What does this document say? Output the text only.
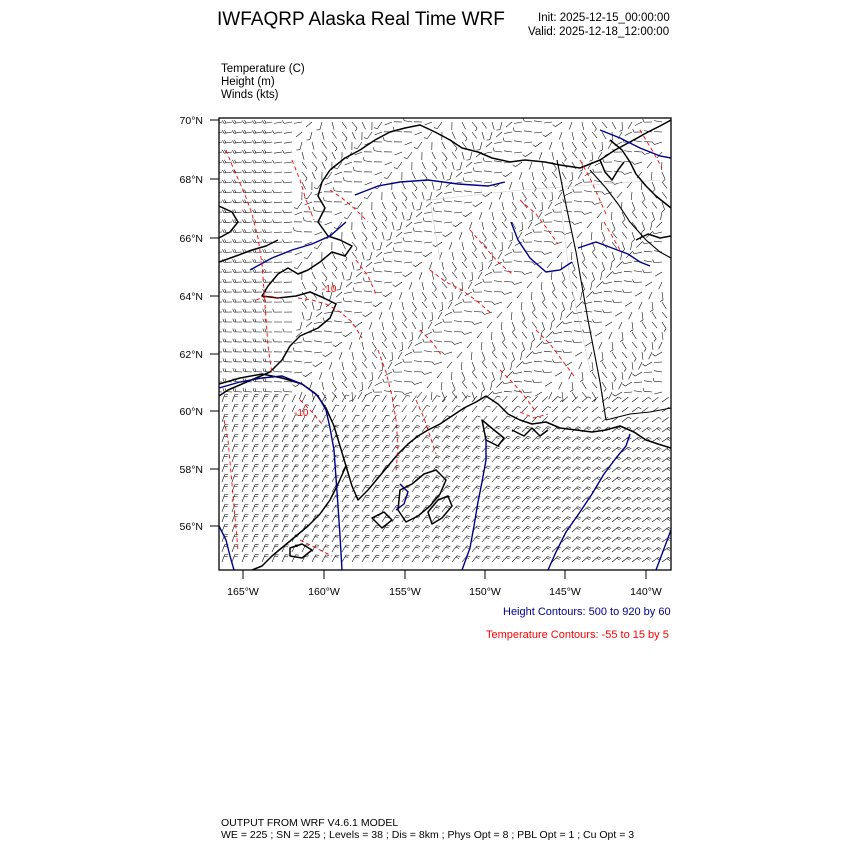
IWFAQRP Alaska Real Time WRF	Init: 2025-12-15_00:00:00
Valid: 2025-12-18_12:00:00
Temperature (C)
Height (m)
Winds (kts)
-10
-10
70°N
68°N
66°N
64°N
62°N
60°N
58°N
56°N
165°W	160°W	155°W	150°W	145°W	140°W
Height Contours: 500 to 920 by 60
Temperature Contours: -55 to 15 by 5
OUTPUT FROM WRF V4.6.1 MODEL
WE = 225 ; SN = 225 ; Levels = 38 ; Dis = 8km ; Phys Opt = 8 ; PBL Opt = 1 ; Cu Opt = 3
